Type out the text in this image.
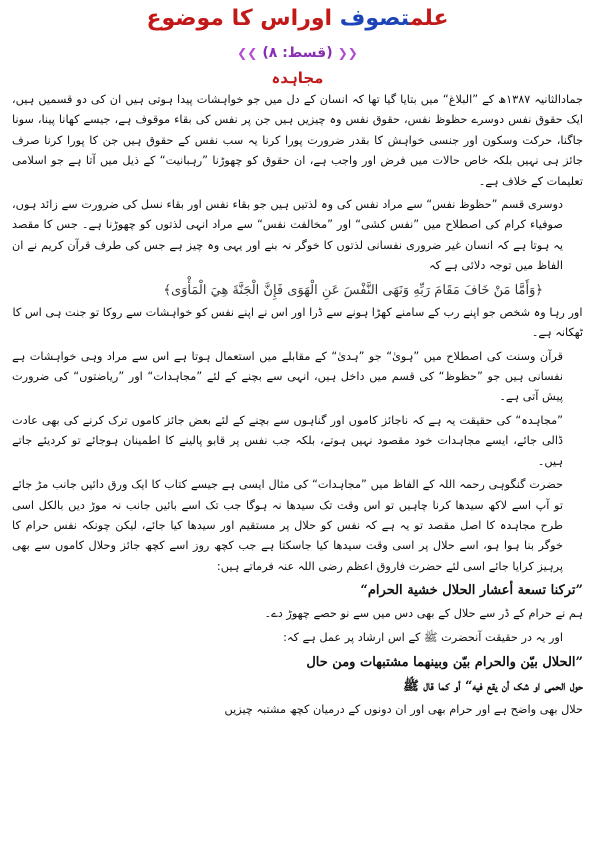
علمتصوف اوراس کا موضوع
❮❮ (قسط: ۸) ❯❯
مجاہدہ

جمادالثانیہ ۱۳۸۷ھ کے ”البلاغ“ میں بتایا گیا تھا کہ انسان کے دل میں جو خواہشات پیدا ہوتی ہیں ان کی دو قسمیں ہیں، ایک حقوق نفس دوسرے حظوظ نفس، حقوق نفس وہ چیزیں ہیں جن پر نفس کی بقاء موقوف ہے، جیسے کھانا پینا، سونا جاگنا، حرکت وسکون اور جنسی خواہش کا بقدر ضرورت پورا کرنا یہ سب نفس کے حقوق ہیں جن کا پورا کرنا صرف جائز ہی نہیں بلکہ خاص حالات میں فرض اور واجب ہے، ان حقوق کو چھوڑنا ”رہبانیت“ کے ذیل میں آتا ہے جو اسلامی تعلیمات کے خلاف ہے۔

دوسری قسم ”حظوظ نفس“ سے مراد نفس کی وہ لذتیں ہیں جو بقاء نفس اور بقاء نسل کی ضرورت سے زائد ہوں، صوفیاء کرام کی اصطلاح میں ”نفس کشی“ اور ”مخالفت نفس“ سے مراد انہی لذتوں کو چھوڑنا ہے۔ جس کا مقصد یہ ہوتا ہے کہ انسان غیر ضروری نفسانی لذتوں کا خوگر نہ بنے اور یہی وہ چیز ہے جس کی طرف قرآن کریم نے ان الفاظ میں توجہ دلائی ہے کہ

﴿وَأَمَّا مَنْ خَافَ مَقَامَ رَبِّهِ وَنَهَى النَّفْسَ عَنِ الْهَوَى فَإِنَّ الْجَنَّةَ هِيَ الْمَأْوَى﴾
اور رہا وہ شخص جو اپنے رب کے سامنے کھڑا ہونے سے ڈرا اور اس نے اپنے نفس کو خواہشات سے روکا تو جنت ہی اس کا ٹھکانہ ہے۔

قرآن وسنت کی اصطلاح میں ”ہویٰ“ جو ”ہدیٰ“ کے مقابلے میں استعمال ہوتا ہے اس سے مراد وہی خواہشات ہے نفسانی ہیں جو ”حظوظ“ کی قسم میں داخل ہیں، انہی سے بچنے کے لئے ”مجاہدات“ اور ”ریاضتوں“ کی ضرورت پیش آتی ہے۔

”مجاہدہ“ کی حقیقت یہ ہے کہ ناجائز کاموں اور گناہوں سے بچنے کے لئے بعض جائز کاموں ترک کرنے کی بھی عادت ڈالی جائے، ایسے مجاہدات خود مقصود نہیں ہوتے، بلکہ جب نفس پر قابو پالینے کا اطمینان ہوجائے تو کردیئے جاتے ہیں۔

حضرت گنگوہی رحمہ اللہ کے الفاظ میں ”مجاہدات“ کی مثال ایسی ہے جیسے کتاب کا ایک ورق دائیں جانب مڑ جائے تو آپ اسے لاکھ سیدھا کرنا چاہیں تو اس وقت تک سیدھا نہ ہوگا جب تک اسے بائیں جانب نہ موڑ دیں بالکل اسی طرح مجاہدہ کا اصل مقصد تو یہ ہے کہ نفس کو حلال پر مستقیم اور سیدھا کیا جائے، لیکن چونکہ نفس حرام کا خوگر بنا ہوا ہو، اسے حلال پر اسی وقت سیدھا کیا جاسکتا ہے جب کچھ روز اسے کچھ جائز وحلال کاموں سے بھی پرہیز کرایا جائے اسی لئے حضرت فاروق اعظم رضی اللہ عنہ فرماتے ہیں:

”ترکنا تسعة أعشار الحلال خشية الحرام“
ہم نے حرام کے ڈر سے حلال کے بھی دس میں سے نو حصے چھوڑ دے۔

اور یہ در حقیقت آنحضرت ﷺ کے اس ارشاد پر عمل ہے کہ:

”الحلال بیّن والحرام بیّن وبینهما مشتبهات ومن حال
حول الحمی او شک أن یقع فیه“ أو کما قال ﷺ
حلال بھی واضح ہے اور حرام بھی اور ان دونوں کے درمیان کچھ مشتبہ چیزیں
